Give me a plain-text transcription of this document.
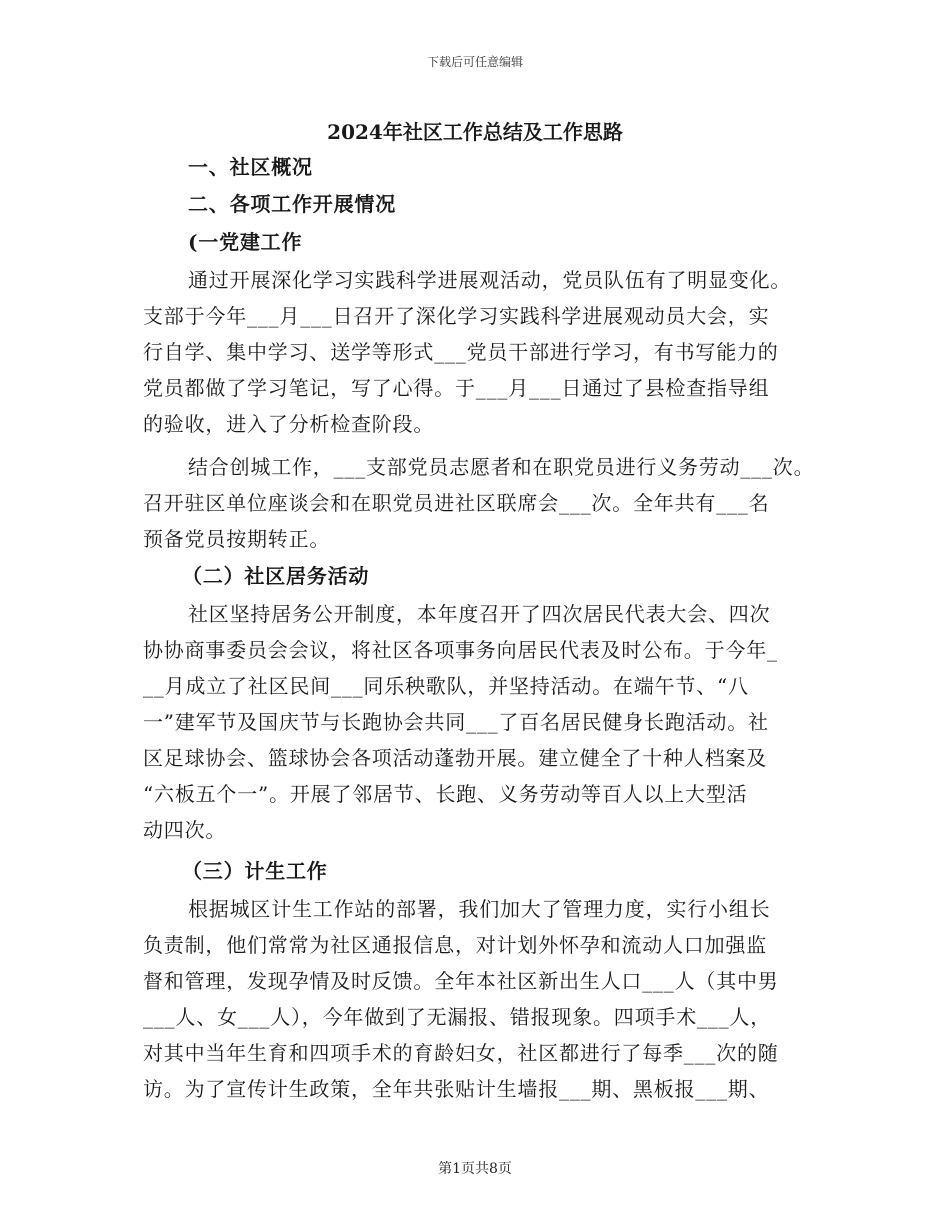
下载后可任意编辑
2024年社区工作总结及工作思路
一、社区概况
二、各项工作开展情况
(一党建工作
通过开展深化学习实践科学进展观活动，党员队伍有了明显变化。
支部于今年___月___日召开了深化学习实践科学进展观动员大会，实
行自学、集中学习、送学等形式___党员干部进行学习，有书写能力的
党员都做了学习笔记，写了心得。于___月___日通过了县检查指导组
的验收，进入了分析检查阶段。
结合创城工作，___支部党员志愿者和在职党员进行义务劳动___次。
召开驻区单位座谈会和在职党员进社区联席会___次。全年共有___名
预备党员按期转正。
（二）社区居务活动
社区坚持居务公开制度，本年度召开了四次居民代表大会、四次
协协商事委员会会议，将社区各项事务向居民代表及时公布。于今年_
__月成立了社区民间___同乐秧歌队，并坚持活动。在端午节、“八
一”建军节及国庆节与长跑协会共同___了百名居民健身长跑活动。社
区足球协会、篮球协会各项活动蓬勃开展。建立健全了十种人档案及
“六板五个一”。开展了邻居节、长跑、义务劳动等百人以上大型活
动四次。
（三）计生工作
根据城区计生工作站的部署，我们加大了管理力度，实行小组长
负责制，他们常常为社区通报信息，对计划外怀孕和流动人口加强监
督和管理，发现孕情及时反馈。全年本社区新出生人口___人（其中男
___人、女___人），今年做到了无漏报、错报现象。四项手术___人，
对其中当年生育和四项手术的育龄妇女，社区都进行了每季___次的随
访。为了宣传计生政策，全年共张贴计生墙报___期、黑板报___期、
第1页共8页
